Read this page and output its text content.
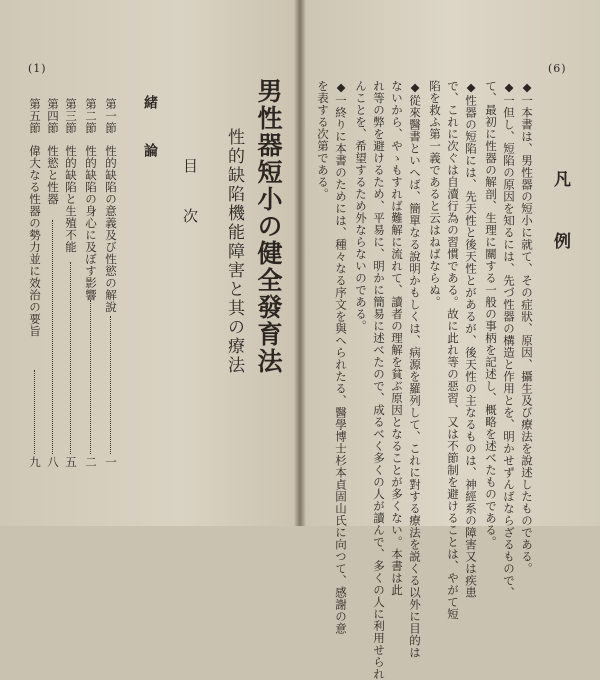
(1)
男性器短小の健全發育法
性的缺陷機能障害と其の療法
目　次
緒　論
第一節
性的缺陷の意義及び性慾の解說
一
第二節
性的缺陷の身心に及ぼす影響
二
第三節
性的缺陷と生殖不能
五
第四節
性慾と性器
八
第五節
偉大なる性器の勢力並に效治の要旨
九
(6)
凡　例
◆一本書は、男性器の短小に就て、その症狀、原因、攝生及び療法を說述したものである。
◆一但し、短陷の原因を知るには、先づ性器の構造と作用とを、明かせずんばならざるもので、
て、最初に性器の解剖、生理に關する一般の事柄を記述し、概略を述べたものである。
◆性器の短陷には、先天性と後天性とがあるが、後天性の主なるものは、神經系の障害又は疾患
で、これに次ぐは自瀆行為の習慣である。故に此れ等の惡習、又は不節制を避けることは、やがて短
陷を救ふ第一義であると云はねばならぬ。
◆從來醫書といへば、簡單なる說明かもしくは、病源を羅列して、これに對する療法を説くる以外に目的は
ないから、やゝもすれば難解に流れて、讀者の理解を貧ぶ原因となることが多くない。本書は此
れ等の弊を避けるため、平易に、明かに簡易に述べたので、成るべく多くの人が讀んで、多くの人に利用せられ
んことを、希望するため外ならないのである。
◆一終りに本書のためには、種々なる序文を與へられたる、醫學博士杉本貞固山氏に向つて、感謝の意
を表する次第である。
